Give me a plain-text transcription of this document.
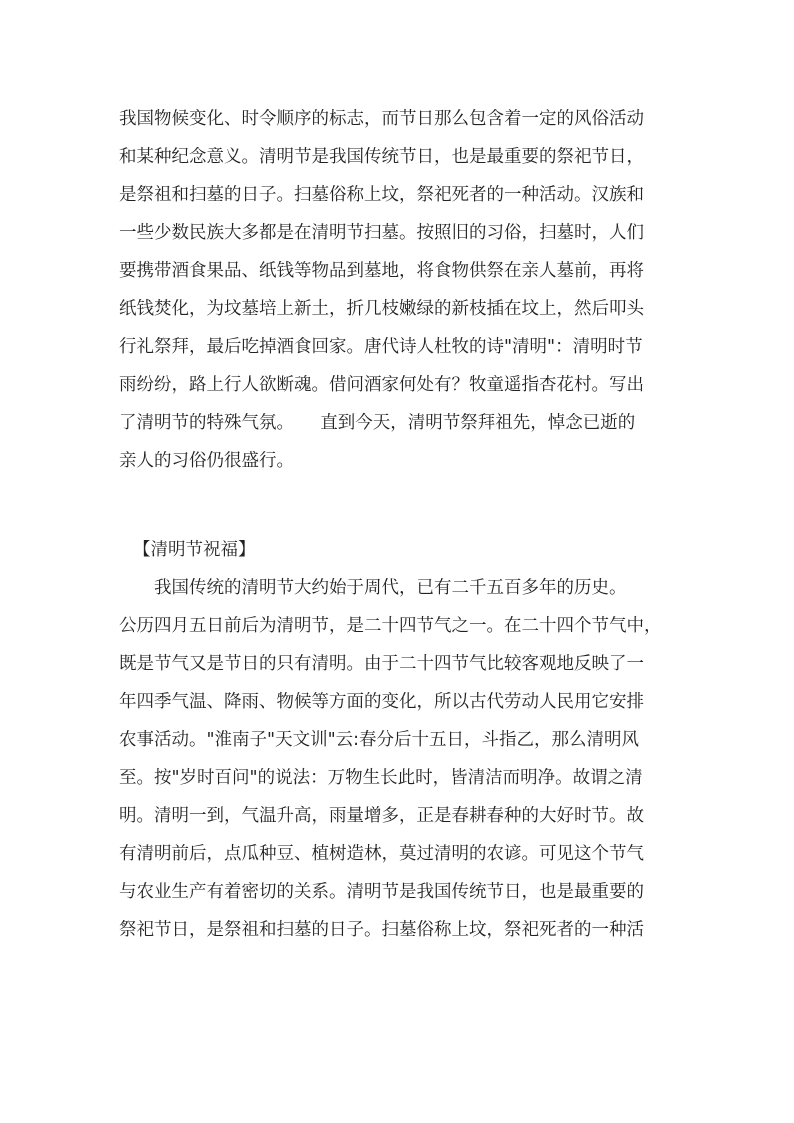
我国物候变化、时令顺序的标志，而节日那么包含着一定的风俗活动
和某种纪念意义。清明节是我国传统节日，也是最重要的祭祀节日，
是祭祖和扫墓的日子。扫墓俗称上坟，祭祀死者的一种活动。汉族和
一些少数民族大多都是在清明节扫墓。按照旧的习俗，扫墓时，人们
要携带酒食果品、纸钱等物品到墓地，将食物供祭在亲人墓前，再将
纸钱焚化，为坟墓培上新土，折几枝嫩绿的新枝插在坟上，然后叩头
行礼祭拜，最后吃掉酒食回家。唐代诗人杜牧的诗"清明"：清明时节
雨纷纷，路上行人欲断魂。借问酒家何处有？牧童遥指杏花村。写出
了清明节的特殊气氛。　　直到今天，清明节祭拜祖先，悼念已逝的
亲人的习俗仍很盛行。
【清明节祝福】
　　我国传统的清明节大约始于周代，已有二千五百多年的历史。
公历四月五日前后为清明节，是二十四节气之一。在二十四个节气中，
既是节气又是节日的只有清明。由于二十四节气比较客观地反映了一
年四季气温、降雨、物候等方面的变化，所以古代劳动人民用它安排
农事活动。"淮南子"天文训"云:春分后十五日，斗指乙，那么清明风
至。按"岁时百问"的说法：万物生长此时，皆清洁而明净。故谓之清
明。清明一到，气温升高，雨量增多，正是春耕春种的大好时节。故
有清明前后，点瓜种豆、植树造林，莫过清明的农谚。可见这个节气
与农业生产有着密切的关系。清明节是我国传统节日，也是最重要的
祭祀节日，是祭祖和扫墓的日子。扫墓俗称上坟，祭祀死者的一种活
